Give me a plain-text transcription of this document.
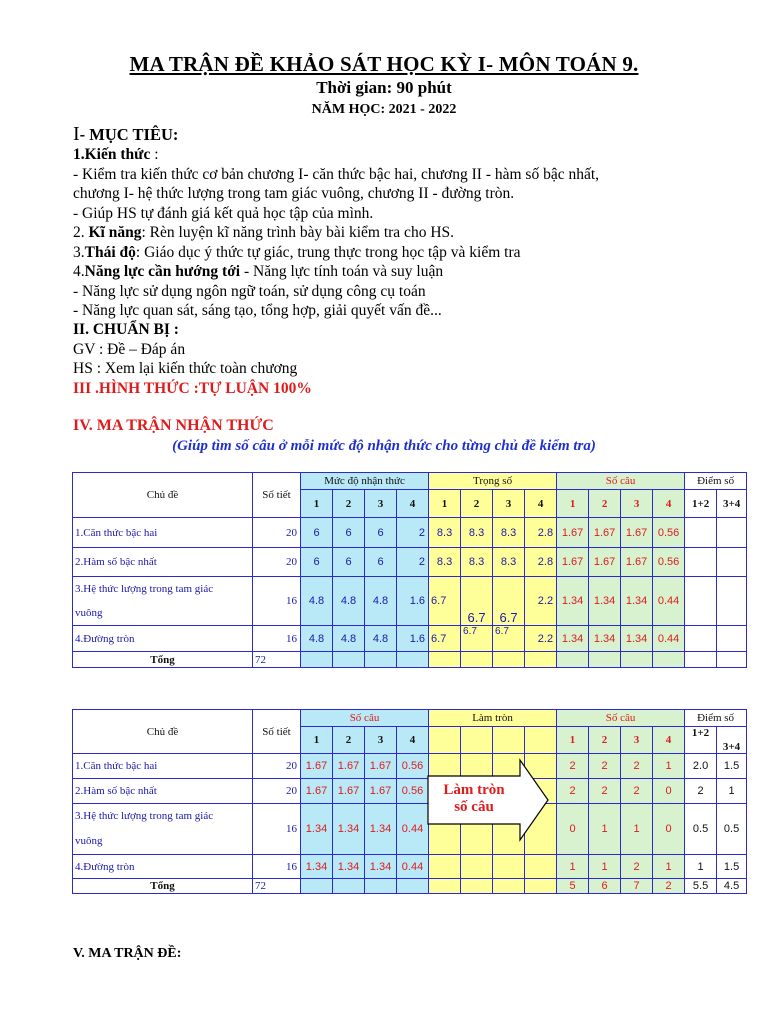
MA TRẬN ĐỀ KHẢO SÁT HỌC KỲ I- MÔN TOÁN 9.
Thời gian: 90 phút
NĂM HỌC: 2021 - 2022
I- MỤC TIÊU:
1.Kiến thức :
- Kiểm tra kiến thức cơ bản chương I- căn thức bậc hai, chương II - hàm số bậc nhất,
chương I- hệ thức lượng trong tam giác vuông, chương II - đường tròn.
- Giúp HS tự đánh giá kết quả học tập của mình.
2. Kĩ năng: Rèn luyện kĩ năng trình bày bài kiểm tra cho HS.
3.Thái độ: Giáo dục ý thức tự giác, trung thực trong học tập và kiểm tra
4.Năng lực cần hướng tới - Năng lực tính toán và suy luận
- Năng lực sử dụng ngôn ngữ toán, sử dụng công cụ toán
- Năng lực quan sát, sáng tạo, tổng hợp, giải quyết vấn đề...
II. CHUẨN BỊ :
GV : Đề – Đáp án
HS : Xem lại kiến thức toàn chương
III .HÌNH THỨC :TỰ LUẬN 100%
IV. MA TRẬN NHẬN THỨC
(Giúp tìm số câu ở mỗi mức độ nhận thức cho từng chủ đề kiểm tra)
Chủ đề	Số tiết	Mức độ nhận thức				Trọng số				Số câu				Điểm số	
		1	2	3	4	1	2	3	4	1	2	3	4	1+2	3+4
1.Căn thức bậc hai	20	6	6	6	2	8.3	8.3	8.3	2.8	1.67	1.67	1.67	0.56		
2.Hàm số bậc nhất	20	6	6	6	2	8.3	8.3	8.3	2.8	1.67	1.67	1.67	0.56		

3.Hệ thức lượng trong tam giác
vuông	16	4.8	4.8	4.8	1.6	6.7	6.7	6.7	2.2	1.34	1.34	1.34	0.44		
4.Đường tròn	16	4.8	4.8	4.8	1.6	6.7	6.7	6.7	2.2	1.34	1.34	1.34	0.44		
Tổng	72														
Chủ đề	Số tiết	Số câu				Làm tròn				Số câu				Điểm số	
		1	2	3	4					1	2	3	4	1+2	3+4
1.Căn thức bậc hai	20	1.67	1.67	1.67	0.56					2	2	2	1	2.0	1.5
2.Hàm số bậc nhất	20	1.67	1.67	1.67	0.56					2	2	2	0	2	1

3.Hệ thức lượng trong tam giác
vuông	16	1.34	1.34	1.34	0.44					0	1	1	0	0.5	0.5
4.Đường tròn	16	1.34	1.34	1.34	0.44					1	1	2	1	1	1.5
Tổng	72									5	6	7	2	5.5	4.5
Làm tròn
số câu
V. MA TRẬN ĐỀ:
